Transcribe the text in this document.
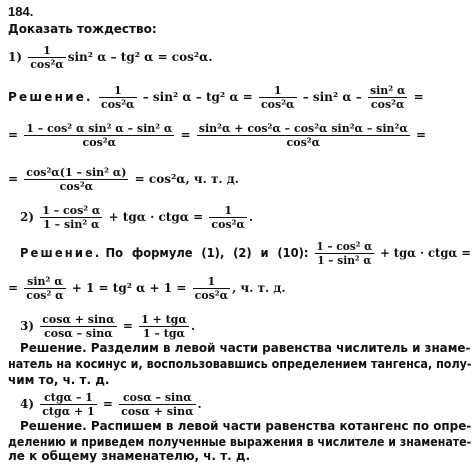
184.
Доказать тождество:
$1) \frac{1}{\text{cos²α}} \sin^2$ α – tg² α = cos²α.
Решение. $\frac{1}{\text{cos²α}} - \sin^2$ α – tg² $\alpha = \frac{1}{\text{cos²α}} - \sin^2$ α – $\frac{\text{sin² α}}{\text{cos²α}}$ =
= $\frac{\text{1 – cos² α sin² α – sin² α}}{\text{cos²α}} = \frac{\text{sin²α + cos²α – cos²α sin²α – sin²α}}{\text{cos²α}}$ =
= $\frac{\text{cos²α(1 – sin² α)}}{\text{cos²α}} = \cos^2\alpha$, ч. т. д.
$2) \frac{\text{1 – cos² α}}{\text{1 – sin² α}} + tg\alpha \cdot ctg\alpha = \frac{1}{\text{cos²α}}$ .
Решение. По формуле (1), (2) и (10): $\frac{\text{1 – cos² α}}{\text{1 – sin² α}} + tg\alpha \cdot ctg\alpha$ =
= $\frac{\text{sin² α}}{\text{cos² α}} + 1 = tg^2$ $\alpha + 1 = \frac{1}{\text{cos²α}}$ , ч. т. д.
$3) \frac{\cos\alpha + \sin\alpha}{\cos\alpha - \sin\alpha} = \frac{\text{1 + tgα}}{\text{1 – tgα}}$ .
Решение. Разделим в левой части равенства числитель и знаме-
натель на косинус и, воспользовавшись определением тангенса, полу-
чим то, ч. т. д.
$4) \frac{\text{ctgα – 1}}{\text{ctgα + 1}} = \frac{\cos\alpha - \sin\alpha}{\cos\alpha + \sin\alpha}$ .
Решение. Распишем в левой части равенства котангенс по опре-
делению и приведем полученные выражения в числителе и знаменате-
ле к общему знаменателю, ч. т. д.
